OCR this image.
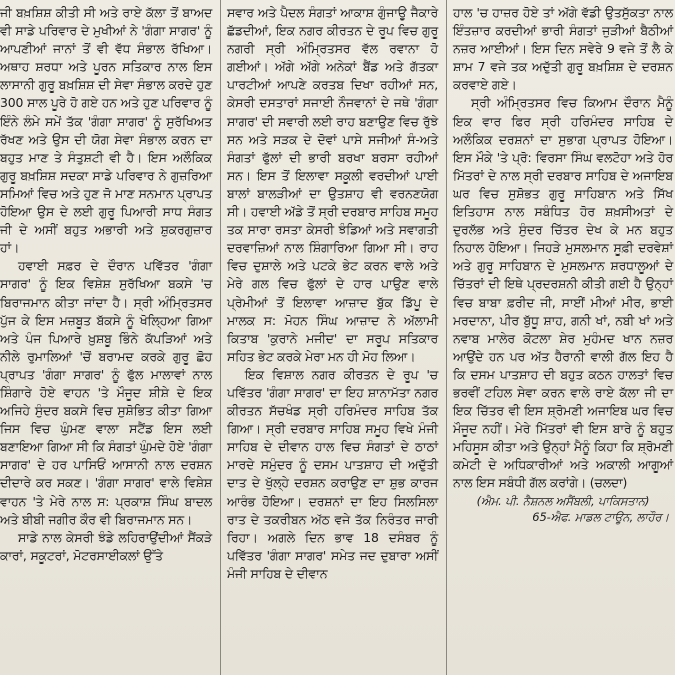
ਜੀ ਬਖ਼ਸ਼ਿਸ਼ ਕੀਤੀ ਸੀ ਅਤੇ ਰਾਏ ਕੱਲਾ ਤੋਂ ਬਾਅਦ ਵੀ ਸਾਡੇ ਪਰਿਵਾਰ ਦੇ ਮੁਖੀਆਂ ਨੇ 'ਗੰਗਾ ਸਾਗਰ' ਨੂੰ ਆਪਣੀਆਂ ਜਾਨਾਂ ਤੋਂ ਵੀ ਵੱਧ ਸੰਭਾਲ ਰੱਖਿਆ। ਅਥਾਹ ਸ਼ਰਧਾ ਅਤੇ ਪੂਰਨ ਸਤਿਕਾਰ ਨਾਲ ਇਸ ਲਾਸਾਨੀ ਗੁਰੂ ਬਖ਼ਸ਼ਿਸ਼ ਦੀ ਸੇਵਾ ਸੰਭਾਲ ਕਰਦੇ ਹੁਣ 300 ਸਾਲ ਪੂਰੇ ਹੋ ਗਏ ਹਨ ਅਤੇ ਹੁਣ ਪਰਿਵਾਰ ਨੂੰ ਇੰਨੇ ਲੰਮੇ ਸਮੇਂ ਤੱਕ 'ਗੰਗਾ ਸਾਗਰ' ਨੂੰ ਸੁਰੱਖਿਅਤ ਰੱਖਣ ਅਤੇ ਉਸ ਦੀ ਯੋਗ ਸੇਵਾ ਸੰਭਾਲ ਕਰਨ ਦਾ ਬਹੁਤ ਮਾਣ ਤੇ ਸੰਤੁਸ਼ਟੀ ਵੀ ਹੈ। ਇਸ ਅਲੌਕਿਕ ਗੁਰੂ ਬਖ਼ਸ਼ਿਸ਼ ਸਦਕਾ ਸਾਡੇ ਪਰਿਵਾਰ ਨੇ ਗੁਜ਼ਰਿਆ ਸਮਿਆਂ ਵਿਚ ਅਤੇ ਹੁਣ ਜੋ ਮਾਣ ਸਨਮਾਨ ਪ੍ਰਾਪਤ ਹੋਇਆ ਉਸ ਦੇ ਲਈ ਗੁਰੂ ਪਿਆਰੀ ਸਾਧ ਸੰਗਤ ਜੀ ਦੇ ਅਸੀਂ ਬਹੁਤ ਅਭਾਰੀ ਅਤੇ ਸ਼ੁਕਰਗੁਜ਼ਾਰ ਹਾਂ।

ਹਵਾਈ ਸਫ਼ਰ ਦੇ ਦੌਰਾਨ ਪਵਿੱਤਰ 'ਗੰਗਾ ਸਾਗਰ' ਨੂੰ ਇਕ ਵਿਸ਼ੇਸ਼ ਸੁਰੱਖਿਆ ਬਕਸੇ 'ਚ ਬਿਰਾਜਮਾਨ ਕੀਤਾ ਜਾਂਦਾ ਹੈ। ਸ੍ਰੀ ਅੰਮ੍ਰਿਤਸਰ ਪੁੱਜ ਕੇ ਇਸ ਮਜ਼ਬੂਤ ਬੱਕਸੇ ਨੂੰ ਖੋਲ੍ਹਿਆ ਗਿਆ ਅਤੇ ਪੰਜ ਪਿਆਰੇ ਖ਼ੁਸ਼ਬੂ ਭਿੰਨੇ ਕੱਪੜਿਆਂ ਅਤੇ ਨੀਲੇ ਰੁਮਾਲਿਆਂ 'ਚੋਂ ਬਰਾਮਦ ਕਰਕੇ ਗੁਰੂ ਛੋਹ ਪ੍ਰਾਪਤ 'ਗੰਗਾ ਸਾਗਰ' ਨੂੰ ਫੁੱਲ ਮਾਲਾਵਾਂ ਨਾਲ ਸ਼ਿੰਗਾਰੇ ਹੋਏ ਵਾਹਨ 'ਤੇ ਮੌਜੂਦ ਸ਼ੀਸ਼ੇ ਦੇ ਇਕ ਅਜਿਹੇ ਸੁੰਦਰ ਬਕਸੇ ਵਿਚ ਸੁਸ਼ੋਭਿਤ ਕੀਤਾ ਗਿਆ ਜਿਸ ਵਿਚ ਘੁੰਮਣ ਵਾਲਾ ਸਟੈਂਡ ਇਸ ਲਈ ਬਣਾਇਆ ਗਿਆ ਸੀ ਕਿ ਸੰਗਤਾਂ ਘੁੰਮਦੇ ਹੋਏ 'ਗੰਗਾ ਸਾਗਰ' ਦੇ ਹਰ ਪਾਸਿਓਂ ਆਸਾਨੀ ਨਾਲ ਦਰਸ਼ਨ ਦੀਦਾਰੇ ਕਰ ਸਕਣ। 'ਗੰਗਾ ਸਾਗਰ' ਵਾਲੇ ਵਿਸ਼ੇਸ਼ ਵਾਹਨ 'ਤੇ ਮੇਰੇ ਨਾਲ ਸ: ਪ੍ਰਕਾਸ਼ ਸਿੰਘ ਬਾਦਲ ਅਤੇ ਬੀਬੀ ਜਗੀਰ ਕੌਰ ਵੀ ਬਿਰਾਜਮਾਨ ਸਨ।

ਸਾਡੇ ਨਾਲ ਕੇਸਰੀ ਝੰਡੇ ਲਹਿਰਾਉਂਦੀਆਂ ਸੈਂਕੜੇ ਕਾਰਾਂ, ਸਕੂਟਰਾਂ, ਮੋਟਰਸਾਈਕਲਾਂ ਉੱਤੇ

ਸਵਾਰ ਅਤੇ ਪੈਦਲ ਸੰਗਤਾਂ ਆਕਾਸ਼ ਗੁੰਜਾਊ ਜੈਕਾਰੇ ਛੱਡਦੀਆਂ, ਇਕ ਨਗਰ ਕੀਰਤਨ ਦੇ ਰੂਪ ਵਿਚ ਗੁਰੂ ਨਗਰੀ ਸ੍ਰੀ ਅੰਮ੍ਰਿਤਸਰ ਵੱਲ ਰਵਾਨਾ ਹੋ ਗਈਆਂ। ਅੱਗੇ ਅੱਗੇ ਅਨੇਕਾਂ ਬੈਂਡ ਅਤੇ ਗੱਤਕਾ ਪਾਰਟੀਆਂ ਆਪਣੇ ਕਰਤਬ ਦਿਖਾ ਰਹੀਆਂ ਸਨ, ਕੇਸਰੀ ਦਸਤਾਰਾਂ ਸਜਾਈ ਨੌਜਵਾਨਾਂ ਦੇ ਜਥੇ 'ਗੰਗਾ ਸਾਗਰ' ਦੀ ਸਵਾਰੀ ਲਈ ਰਾਹ ਬਣਾਉਣ ਵਿਚ ਰੁੱਝੇ ਸਨ ਅਤੇ ਸੜਕ ਦੇ ਦੋਵਾਂ ਪਾਸੇ ਸਜੀਆਂ ਸੰ-ਅਤੇ ਸੰਗਤਾਂ ਫੁੱਲਾਂ ਦੀ ਭਾਰੀ ਬਰਖਾ ਬਰਸਾ ਰਹੀਆਂ ਸਨ। ਇਸ ਤੋਂ ਇਲਾਵਾ ਸਕੂਲੀ ਵਰਦੀਆਂ ਪਾਈ ਬਾਲਾਂ ਬਾਲੜੀਆਂ ਦਾ ਉਤਸ਼ਾਹ ਵੀ ਵਰਨਣਯੋਗ ਸੀ। ਹਵਾਈ ਅੱਡੇ ਤੋਂ ਸ੍ਰੀ ਦਰਬਾਰ ਸਾਹਿਬ ਸਮੂਹ ਤਕ ਸਾਰਾ ਰਸਤਾ ਕੇਸਰੀ ਝੰਡਿਆਂ ਅਤੇ ਸਵਾਗਤੀ ਦਰਵਾਜ਼ਿਆਂ ਨਾਲ ਸ਼ਿੰਗਾਰਿਆ ਗਿਆ ਸੀ। ਰਾਹ ਵਿਚ ਦੁਸ਼ਾਲੇ ਅਤੇ ਪਟਕੇ ਭੇਟ ਕਰਨ ਵਾਲੇ ਅਤੇ ਮੇਰੇ ਗਲ ਵਿਚ ਫੁੱਲਾਂ ਦੇ ਹਾਰ ਪਾਉਣ ਵਾਲੇ ਪ੍ਰੇਮੀਆਂ ਤੋਂ ਇਲਾਵਾ ਆਜ਼ਾਦ ਬੁੱਕ ਡਿੱਪੂ ਦੇ ਮਾਲਕ ਸ: ਮੋਹਨ ਸਿੰਘ ਆਜ਼ਾਦ ਨੇ ਅੱਲਾਮੀ ਕਿਤਾਬ 'ਕੁਰਾਨੇ ਮਜੀਦ' ਦਾ ਸਰੂਪ ਸਤਿਕਾਰ ਸਹਿਤ ਭੇਟ ਕਰਕੇ ਮੇਰਾ ਮਨ ਹੀ ਮੋਹ ਲਿਆ।

ਇਕ ਵਿਸ਼ਾਲ ਨਗਰ ਕੀਰਤਨ ਦੇ ਰੂਪ 'ਚ ਪਵਿੱਤਰ 'ਗੰਗਾ ਸਾਗਰ' ਦਾ ਇਹ ਸ਼ਾਨਾਮੱਤਾ ਨਗਰ ਕੀਰਤਨ ਸੱਚਖੰਡ ਸ੍ਰੀ ਹਰਿਮੰਦਰ ਸਾਹਿਬ ਤੱਕ ਗਿਆ। ਸ੍ਰੀ ਦਰਬਾਰ ਸਾਹਿਬ ਸਮੂਹ ਵਿਖੇ ਮੰਜੀ ਸਾਹਿਬ ਦੇ ਦੀਵਾਨ ਹਾਲ ਵਿਚ ਸੰਗਤਾਂ ਦੇ ਠਾਠਾਂ ਮਾਰਦੇ ਸਮੁੰਦਰ ਨੂੰ ਦਸਮ ਪਾਤਸ਼ਾਹ ਦੀ ਅਦੁੱਤੀ ਦਾਤ ਦੇ ਖੁੱਲ੍ਹੇ ਦਰਸ਼ਨ ਕਰਾਉਣ ਦਾ ਸ਼ੁਭ ਕਾਰਜ ਆਰੰਭ ਹੋਇਆ। ਦਰਸ਼ਨਾਂ ਦਾ ਇਹ ਸਿਲਸਿਲਾ ਰਾਤ ਦੇ ਤਕਰੀਬਨ ਅੱਠ ਵਜੇ ਤੱਕ ਨਿਰੰਤਰ ਜਾਰੀ ਰਿਹਾ। ਅਗਲੇ ਦਿਨ ਭਾਵ 18 ਦਸੰਬਰ ਨੂੰ ਪਵਿੱਤਰ 'ਗੰਗਾ ਸਾਗਰ' ਸਮੇਤ ਜਦ ਦੁਬਾਰਾ ਅਸੀਂ ਮੰਜੀ ਸਾਹਿਬ ਦੇ ਦੀਵਾਨ

ਹਾਲ 'ਚ ਹਾਜ਼ਰ ਹੋਏ ਤਾਂ ਅੱਗੇ ਵੱਡੀ ਉਤਸੁੱਕਤਾ ਨਾਲ ਇੰਤਜ਼ਾਰ ਕਰਦੀਆਂ ਭਾਰੀ ਸੰਗਤਾਂ ਜੁੜੀਆਂ ਬੈਠੀਆਂ ਨਜ਼ਰ ਆਈਆਂ। ਇਸ ਦਿਨ ਸਵੇਰੇ 9 ਵਜੇ ਤੋਂ ਲੈ ਕੇ ਸ਼ਾਮ 7 ਵਜੇ ਤਕ ਅਦੁੱਤੀ ਗੁਰੂ ਬਖ਼ਸ਼ਿਸ਼ ਦੇ ਦਰਸ਼ਨ ਕਰਵਾਏ ਗਏ।

ਸ੍ਰੀ ਅੰਮ੍ਰਿਤਸਰ ਵਿਚ ਕਿਆਮ ਦੌਰਾਨ ਮੈਨੂੰ ਇਕ ਵਾਰ ਫਿਰ ਸ੍ਰੀ ਹਰਿਮੰਦਰ ਸਾਹਿਬ ਦੇ ਅਲੌਕਿਕ ਦਰਸ਼ਨਾਂ ਦਾ ਸੁਭਾਗ ਪ੍ਰਾਪਤ ਹੋਇਆ। ਇਸ ਮੌਕੇ 'ਤੇ ਪ੍ਰੋ: ਵਿਰਸਾ ਸਿੰਘ ਵਲਟੋਹਾ ਅਤੇ ਹੋਰ ਮਿੱਤਰਾਂ ਦੇ ਨਾਲ ਸ੍ਰੀ ਦਰਬਾਰ ਸਾਹਿਬ ਦੇ ਅਜਾਇਬ ਘਰ ਵਿਚ ਸੁਸ਼ੋਭਤ ਗੁਰੂ ਸਾਹਿਬਾਨ ਅਤੇ ਸਿੱਖ ਇਤਿਹਾਸ ਨਾਲ ਸਬੰਧਿਤ ਹੋਰ ਸ਼ਖ਼ਸੀਅਤਾਂ ਦੇ ਦੁਰਲੱਭ ਅਤੇ ਸੁੰਦਰ ਚਿੱਤਰ ਦੇਖ ਕੇ ਮਨ ਬਹੁਤ ਨਿਹਾਲ ਹੋਇਆ। ਜਿਹੜੇ ਮੁਸਲਮਾਨ ਸੂਫ਼ੀ ਦਰਵੇਸ਼ਾਂ ਅਤੇ ਗੁਰੂ ਸਾਹਿਬਾਨ ਦੇ ਮੁਸਲਮਾਨ ਸ਼ਰਧਾਲੂਆਂ ਦੇ ਚਿੱਤਰਾਂ ਦੀ ਇਥੇ ਪ੍ਰਦਰਸ਼ਨੀ ਕੀਤੀ ਗਈ ਹੈ ਉਨ੍ਹਾਂ ਵਿਚ ਬਾਬਾ ਫ਼ਰੀਦ ਜੀ, ਸਾਈਂ ਮੀਆਂ ਮੀਰ, ਭਾਈ ਮਰਦਾਨਾ, ਪੀਰ ਬੁੱਧੂ ਸ਼ਾਹ, ਗਨੀ ਖਾਂ, ਨਬੀ ਖਾਂ ਅਤੇ ਨਵਾਬ ਮਾਲੇਰ ਕੋਟਲਾ ਸ਼ੇਰ ਮੁਹੰਮਦ ਖਾਨ ਨਜ਼ਰ ਆਉਂਦੇ ਹਨ ਪਰ ਅੱਤ ਹੈਰਾਨੀ ਵਾਲੀ ਗੱਲ ਇਹ ਹੈ ਕਿ ਦਸਮ ਪਾਤਸ਼ਾਹ ਦੀ ਬਹੁਤ ਕਠਨ ਹਾਲਤਾਂ ਵਿਚ ਭਰਵੀਂ ਟਹਿਲ ਸੇਵਾ ਕਰਨ ਵਾਲੇ ਰਾਏ ਕੱਲਾ ਜੀ ਦਾ ਇਕ ਚਿੱਤਰ ਵੀ ਇਸ ਸ਼੍ਰੋਮਣੀ ਅਜਾਇਬ ਘਰ ਵਿਚ ਮੌਜੂਦ ਨਹੀਂ। ਮੇਰੇ ਮਿੱਤਰਾਂ ਵੀ ਇਸ ਬਾਰੇ ਨੂੰ ਬਹੁਤ ਮਹਿਸੂਸ ਕੀਤਾ ਅਤੇ ਉਨ੍ਹਾਂ ਮੈਨੂੰ ਕਿਹਾ ਕਿ ਸ਼੍ਰੋਮਣੀ ਕਮੇਟੀ ਦੇ ਅਧਿਕਾਰੀਆਂ ਅਤੇ ਅਕਾਲੀ ਆਗੂਆਂ ਨਾਲ ਇਸ ਸਬੰਧੀ ਗੱਲ ਕਰਾਂਗੇ। (ਚਲਦਾ)

(ਐਮ. ਪੀ. ਨੈਸ਼ਨਲ ਅਸੈਂਬਲੀ, ਪਾਕਿਸਤਾਨ)

65-ਐਫ. ਮਾਡਲ ਟਾਊਨ, ਲਾਹੌਰ।
